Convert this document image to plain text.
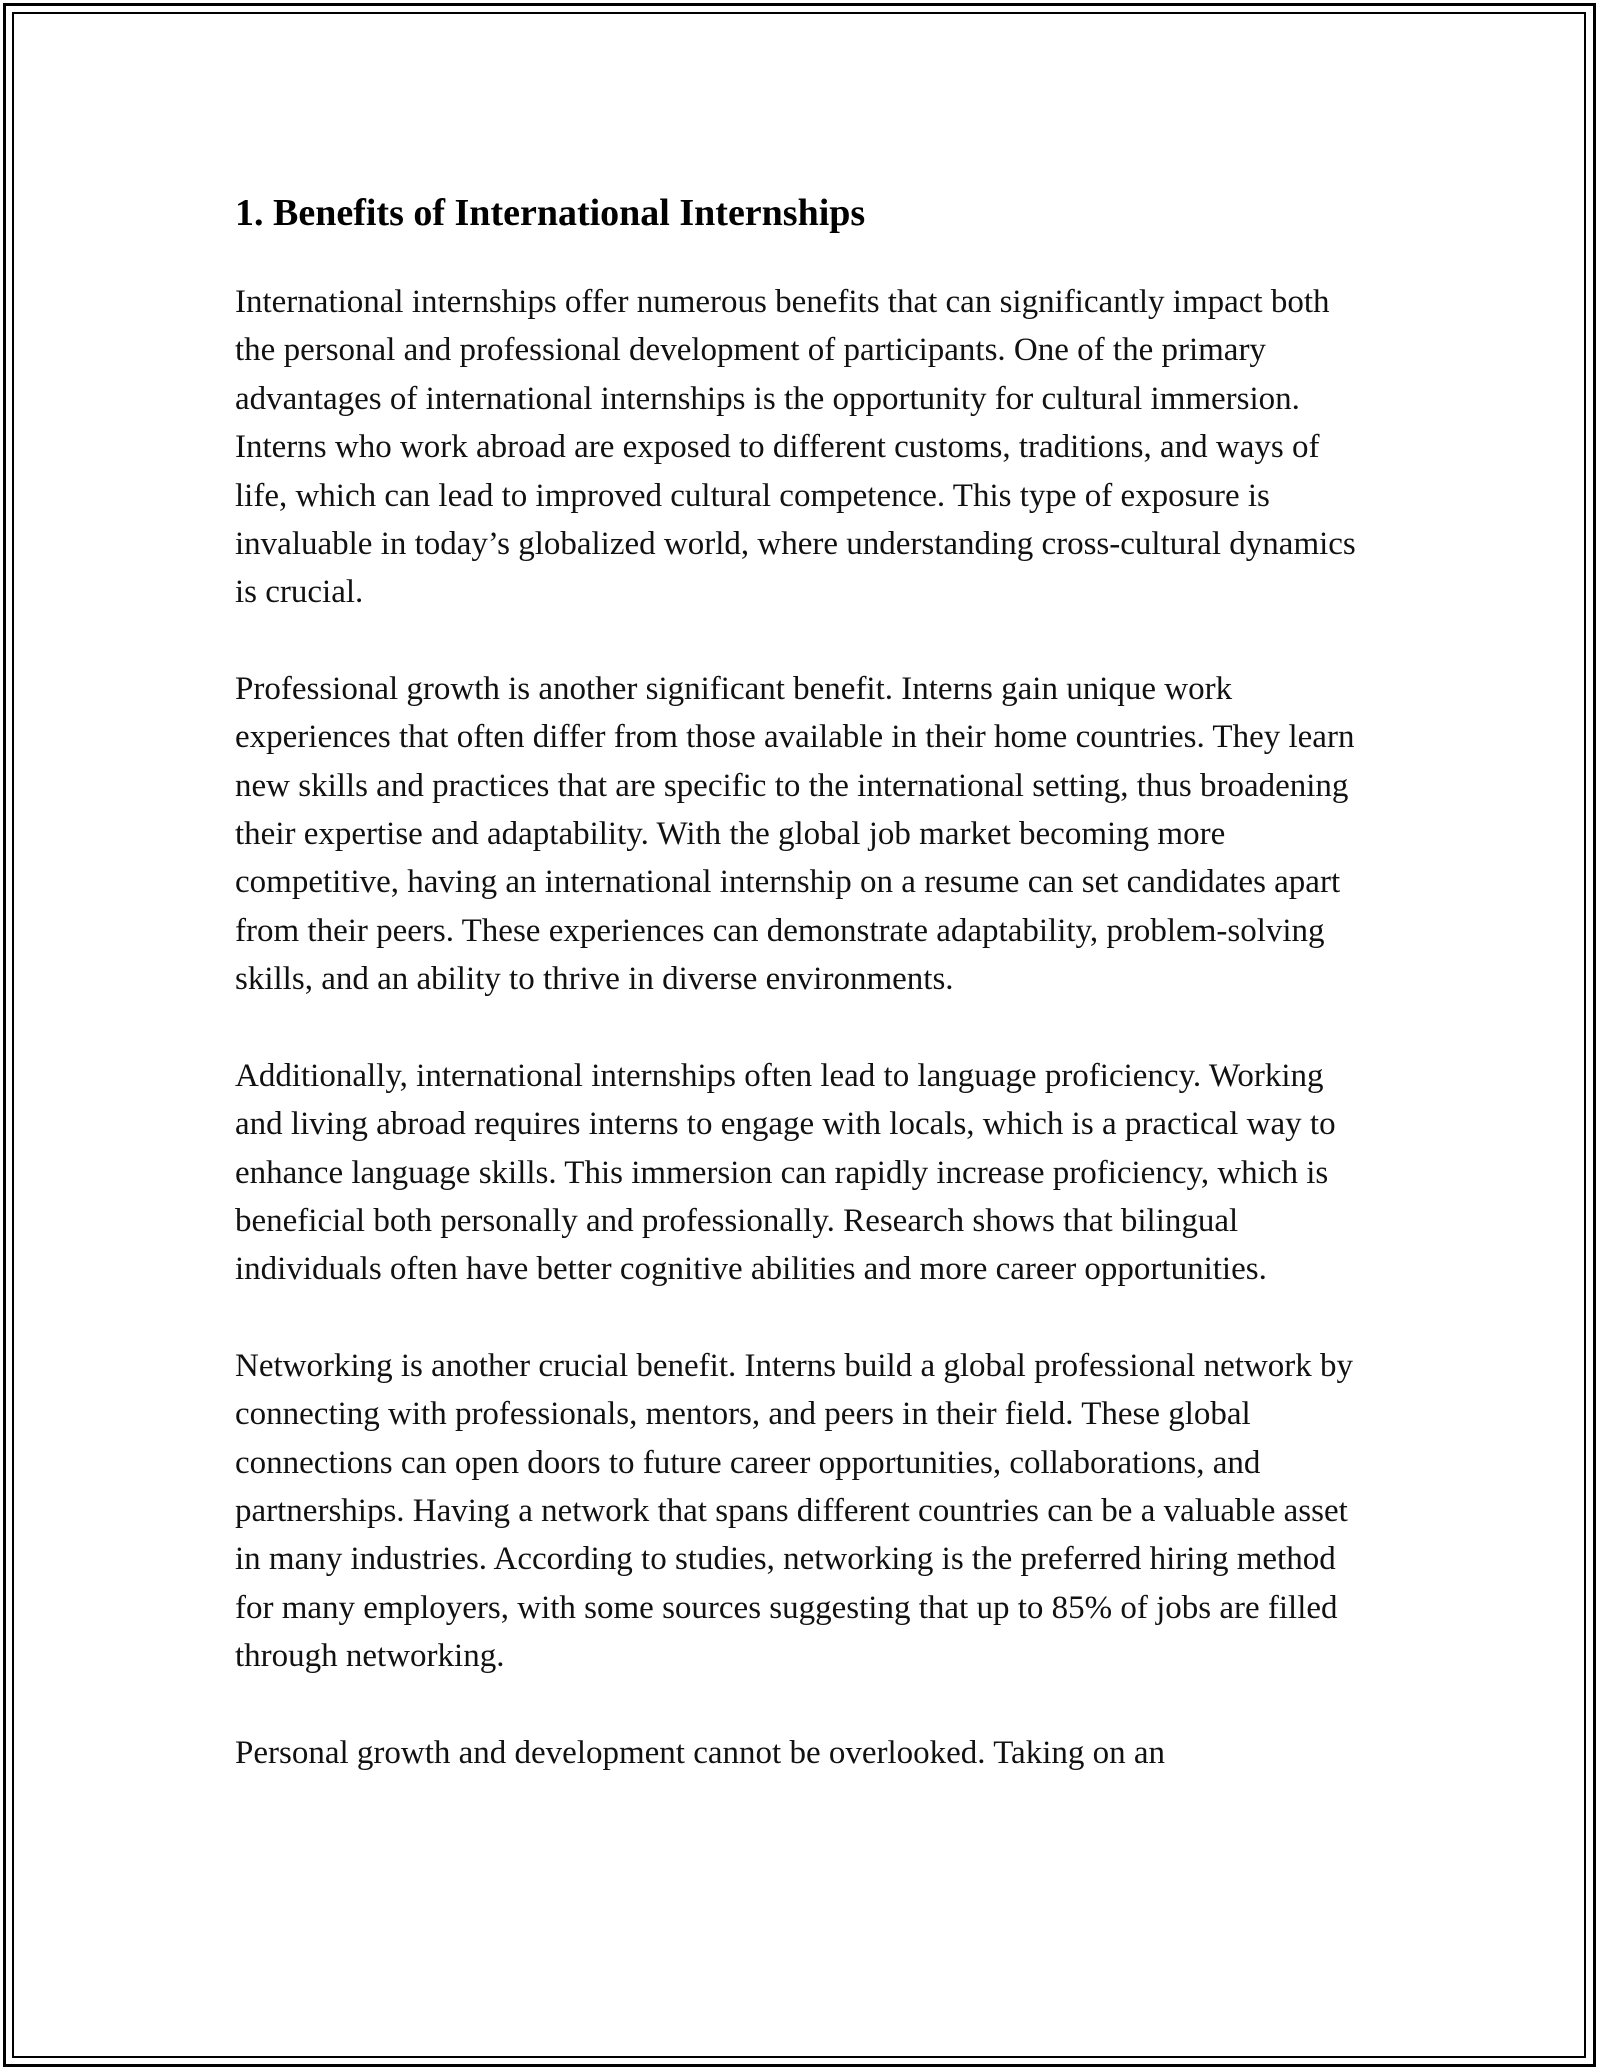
1. Benefits of International Internships

International internships offer numerous benefits that can significantly impact both the personal and professional development of participants. One of the primary advantages of international internships is the opportunity for cultural immersion. Interns who work abroad are exposed to different customs, traditions, and ways of life, which can lead to improved cultural competence. This type of exposure is invaluable in today’s globalized world, where understanding cross-cultural dynamics is crucial.

Professional growth is another significant benefit. Interns gain unique work experiences that often differ from those available in their home countries. They learn new skills and practices that are specific to the international setting, thus broadening their expertise and adaptability. With the global job market becoming more competitive, having an international internship on a resume can set candidates apart from their peers. These experiences can demonstrate adaptability, problem-solving skills, and an ability to thrive in diverse environments.

Additionally, international internships often lead to language proficiency. Working and living abroad requires interns to engage with locals, which is a practical way to enhance language skills. This immersion can rapidly increase proficiency, which is beneficial both personally and professionally. Research shows that bilingual individuals often have better cognitive abilities and more career opportunities.

Networking is another crucial benefit. Interns build a global professional network by connecting with professionals, mentors, and peers in their field. These global connections can open doors to future career opportunities, collaborations, and partnerships. Having a network that spans different countries can be a valuable asset in many industries. According to studies, networking is the preferred hiring method for many employers, with some sources suggesting that up to 85% of jobs are filled through networking.

Personal growth and development cannot be overlooked. Taking on an
